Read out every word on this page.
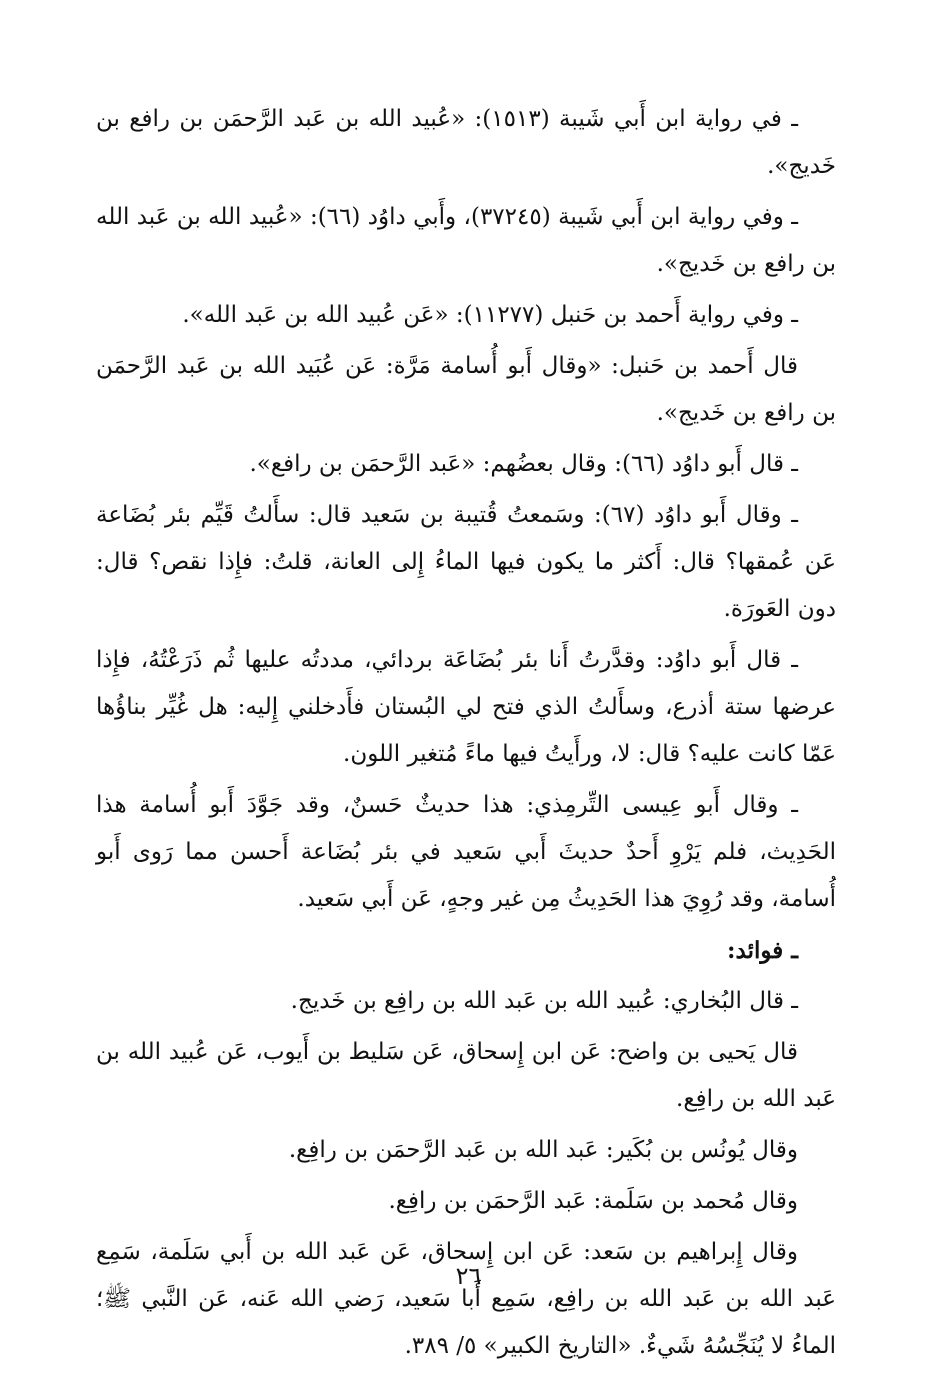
ـ في رواية ابن أَبي شَيبة (١٥١٣): «عُبيد الله بن عَبد الرَّحمَن بن رافع بن خَديج».

ـ وفي رواية ابن أَبي شَيبة (٣٧٢٤٥)، وأَبي داوُد (٦٦): «عُبيد الله بن عَبد الله بن رافع بن خَديج».

ـ وفي رواية أَحمد بن حَنبل (١١٢٧٧): «عَن عُبيد الله بن عَبد الله».

قال أَحمد بن حَنبل: «وقال أَبو أُسامة مَرَّة: عَن عُبَيد الله بن عَبد الرَّحمَن بن رافع بن خَديج».

ـ قال أَبو داوُد (٦٦): وقال بعضُهم: «عَبد الرَّحمَن بن رافع».

ـ وقال أَبو داوُد (٦٧): وسَمعتُ قُتيبة بن سَعيد قال: سأَلتُ قَيِّم بئر بُضَاعة عَن عُمقها؟ قال: أَكثر ما يكون فيها الماءُ إِلى العانة، قلتُ: فإِذا نقص؟ قال: دون العَورَة.

ـ قال أَبو داوُد: وقدَّرتُ أَنا بئر بُضَاعَة بردائي، مددتُه عليها ثُم ذَرَعْتُهُ، فإِذا عرضها ستة أذرع، وسأَلتُ الذي فتح لي البُستان فأَدخلني إِليه: هل غُيِّر بناؤُها عَمّا كانت عليه؟ قال: لا، ورأَيتُ فيها ماءً مُتغير اللون.

ـ وقال أَبو عِيسى التِّرمِذي: هذا حديثٌ حَسنٌ، وقد جَوَّدَ أَبو أُسامة هذا الحَدِيث، فلم يَرْوِ أَحدٌ حديثَ أَبي سَعيد في بئر بُضَاعة أَحسن مما رَوى أَبو أُسامة، وقد رُوِيَ هذا الحَدِيثُ مِن غير وجهٍ، عَن أَبي سَعيد.

ـ فوائد:

ـ قال البُخاري: عُبيد الله بن عَبد الله بن رافِع بن خَديج.

قال يَحيى بن واضح: عَن ابن إِسحاق، عَن سَليط بن أَيوب، عَن عُبيد الله بن عَبد الله بن رافِع.

وقال يُونُس بن بُكَير: عَبد الله بن عَبد الرَّحمَن بن رافِع.

وقال مُحمد بن سَلَمة: عَبد الرَّحمَن بن رافِع.

وقال إِبراهيم بن سَعد: عَن ابن إِسحاق، عَن عَبد الله بن أَبي سَلَمة، سَمِع عَبد الله بن عَبد الله بن رافِع، سَمِع أَبا سَعيد، رَضي الله عَنه، عَن النَّبي ﷺ؛ الماءُ لا يُنَجِّسُهُ شَيءٌ. «التاريخ الكبير» ٥/ ٣٨٩.

٢٦
